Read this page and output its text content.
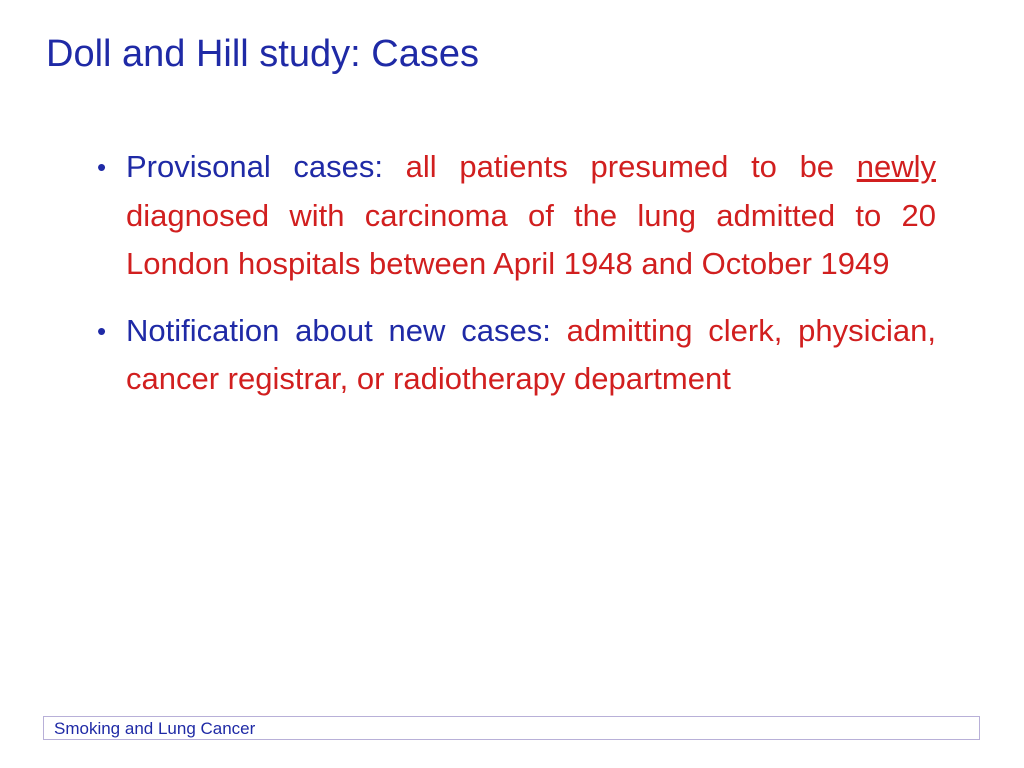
Doll and Hill study: Cases
• Provisonal cases: all patients presumed to be newly diagnosed with carcinoma of the lung admitted to 20 London hospitals between April 1948 and October 1949
• Notification about new cases: admitting clerk, physician, cancer registrar, or radiotherapy department
Smoking and Lung Cancer
